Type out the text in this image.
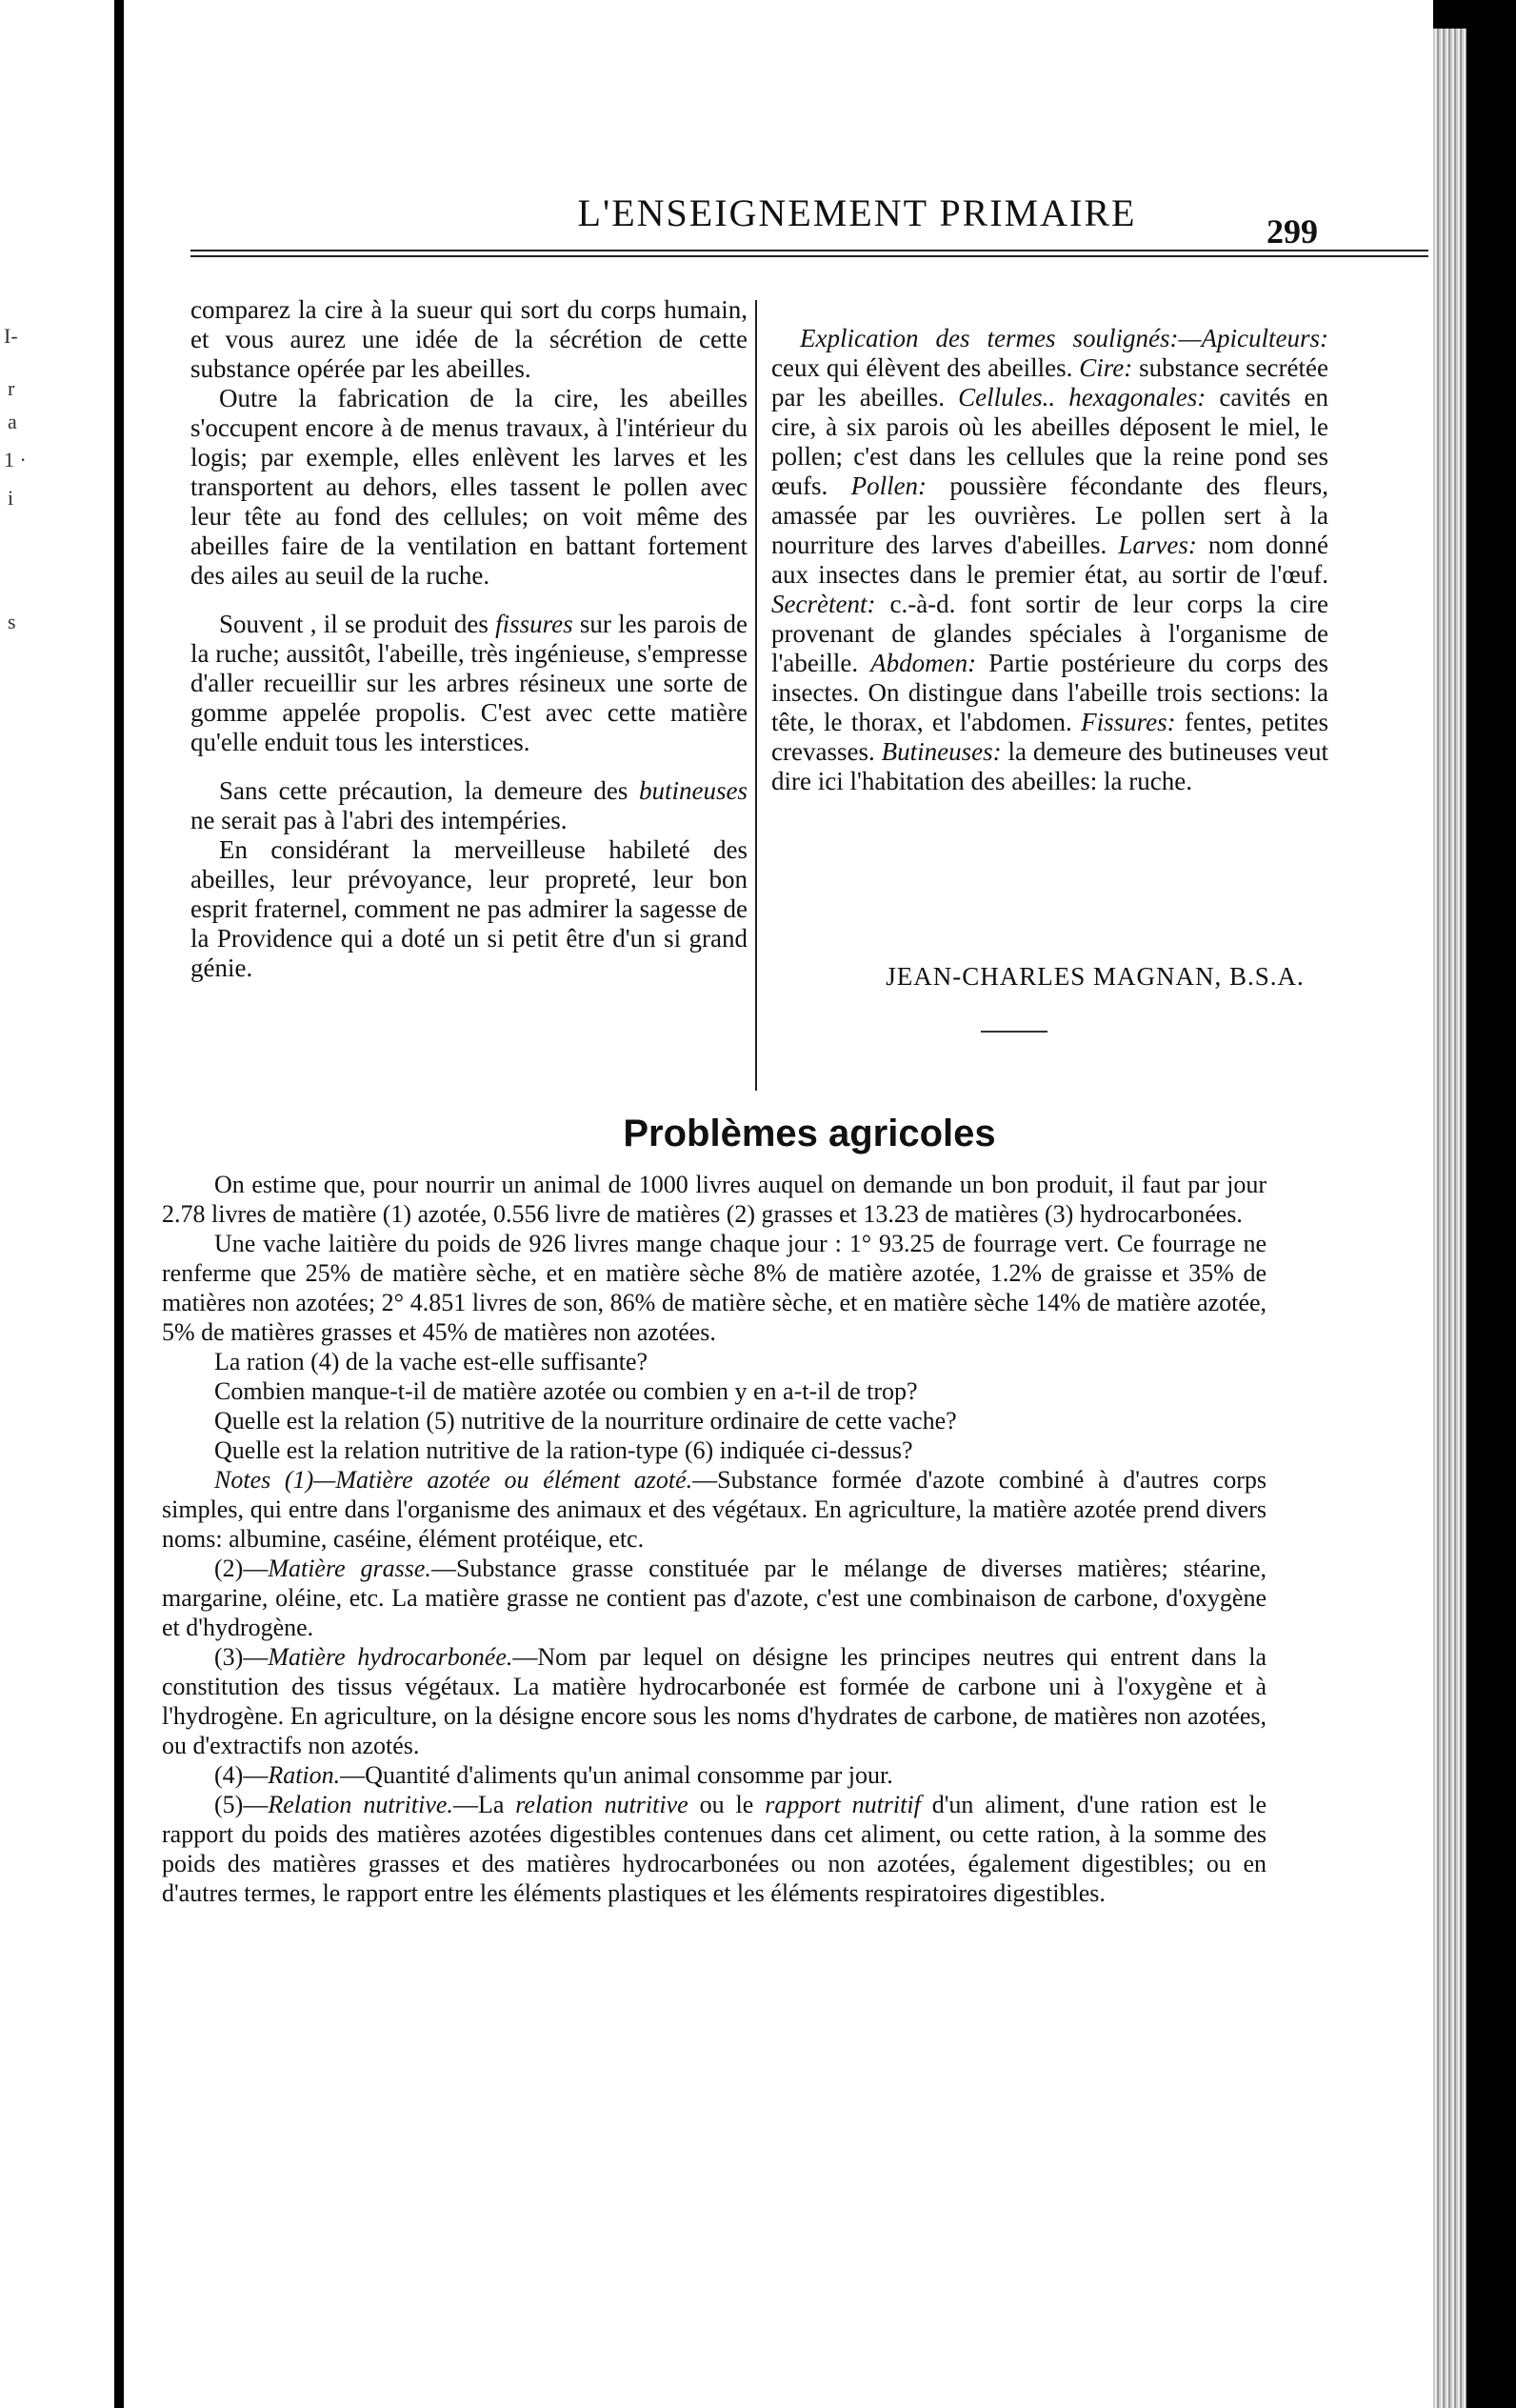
I-
r
a
1 ·
i
s
L'ENSEIGNEMENT PRIMAIRE	299

comparez la cire à la sueur qui sort du corps humain, et vous aurez une idée de la sécrétion de cette substance opérée par les abeilles.

Outre la fabrication de la cire, les abeilles s'occupent encore à de menus travaux, à l'intérieur du logis; par exemple, elles enlèvent les larves et les transportent au dehors, elles tassent le pollen avec leur tête au fond des cellules; on voit même des abeilles faire de la ventilation en battant fortement des ailes au seuil de la ruche.

Souvent , il se produit des fissures sur les parois de la ruche; aussitôt, l'abeille, très ingénieuse, s'empresse d'aller recueillir sur les arbres résineux une sorte de gomme appelée propolis. C'est avec cette matière qu'elle enduit tous les interstices.

Sans cette précaution, la demeure des butineuses ne serait pas à l'abri des intempéries.

En considérant la merveilleuse habileté des abeilles, leur prévoyance, leur propreté, leur bon esprit fraternel, comment ne pas admirer la sagesse de la Providence qui a doté un si petit être d'un si grand génie.

Explication des termes soulignés:—Apiculteurs: ceux qui élèvent des abeilles. Cire: substance secrétée par les abeilles. Cellules.. hexagonales: cavités en cire, à six parois où les abeilles déposent le miel, le pollen; c'est dans les cellules que la reine pond ses œufs. Pollen: poussière fécondante des fleurs, amassée par les ouvrières. Le pollen sert à la nourriture des larves d'abeilles. Larves: nom donné aux insectes dans le premier état, au sortir de l'œuf. Secrètent: c.-à-d. font sortir de leur corps la cire provenant de glandes spéciales à l'organisme de l'abeille. Abdomen: Partie postérieure du corps des insectes. On distingue dans l'abeille trois sections: la tête, le thorax, et l'abdomen. Fissures: fentes, petites crevasses. Butineuses: la demeure des butineuses veut dire ici l'habitation des abeilles: la ruche.

JEAN-CHARLES MAGNAN, B.S.A.
Problèmes agricoles

On estime que, pour nourrir un animal de 1000 livres auquel on demande un bon produit, il faut par jour 2.78 livres de matière (1) azotée, 0.556 livre de matières (2) grasses et 13.23 de matières (3) hydrocarbonées.

Une vache laitière du poids de 926 livres mange chaque jour : 1° 93.25 de fourrage vert. Ce fourrage ne renferme que 25% de matière sèche, et en matière sèche 8% de matière azotée, 1.2% de graisse et 35% de matières non azotées; 2° 4.851 livres de son, 86% de matière sèche, et en matière sèche 14% de matière azotée, 5% de matières grasses et 45% de matières non azotées.

La ration (4) de la vache est-elle suffisante?

Combien manque-t-il de matière azotée ou combien y en a-t-il de trop?

Quelle est la relation (5) nutritive de la nourriture ordinaire de cette vache?

Quelle est la relation nutritive de la ration-type (6) indiquée ci-dessus?

Notes (1)—Matière azotée ou élément azoté.—Substance formée d'azote combiné à d'autres corps simples, qui entre dans l'organisme des animaux et des végétaux. En agriculture, la matière azotée prend divers noms: albumine, caséine, élément protéique, etc.

(2)—Matière grasse.—Substance grasse constituée par le mélange de diverses matières; stéarine, margarine, oléine, etc. La matière grasse ne contient pas d'azote, c'est une combinaison de carbone, d'oxygène et d'hydrogène.

(3)—Matière hydrocarbonée.—Nom par lequel on désigne les principes neutres qui entrent dans la constitution des tissus végétaux. La matière hydrocarbonée est formée de carbone uni à l'oxygène et à l'hydrogène. En agriculture, on la désigne encore sous les noms d'hydrates de carbone, de matières non azotées, ou d'extractifs non azotés.

(4)—Ration.—Quantité d'aliments qu'un animal consomme par jour.

(5)—Relation nutritive.—La relation nutritive ou le rapport nutritif d'un aliment, d'une ration est le rapport du poids des matières azotées digestibles contenues dans cet aliment, ou cette ration, à la somme des poids des matières grasses et des matières hydrocarbonées ou non azotées, également digestibles; ou en d'autres termes, le rapport entre les éléments plastiques et les éléments respiratoires digestibles.
